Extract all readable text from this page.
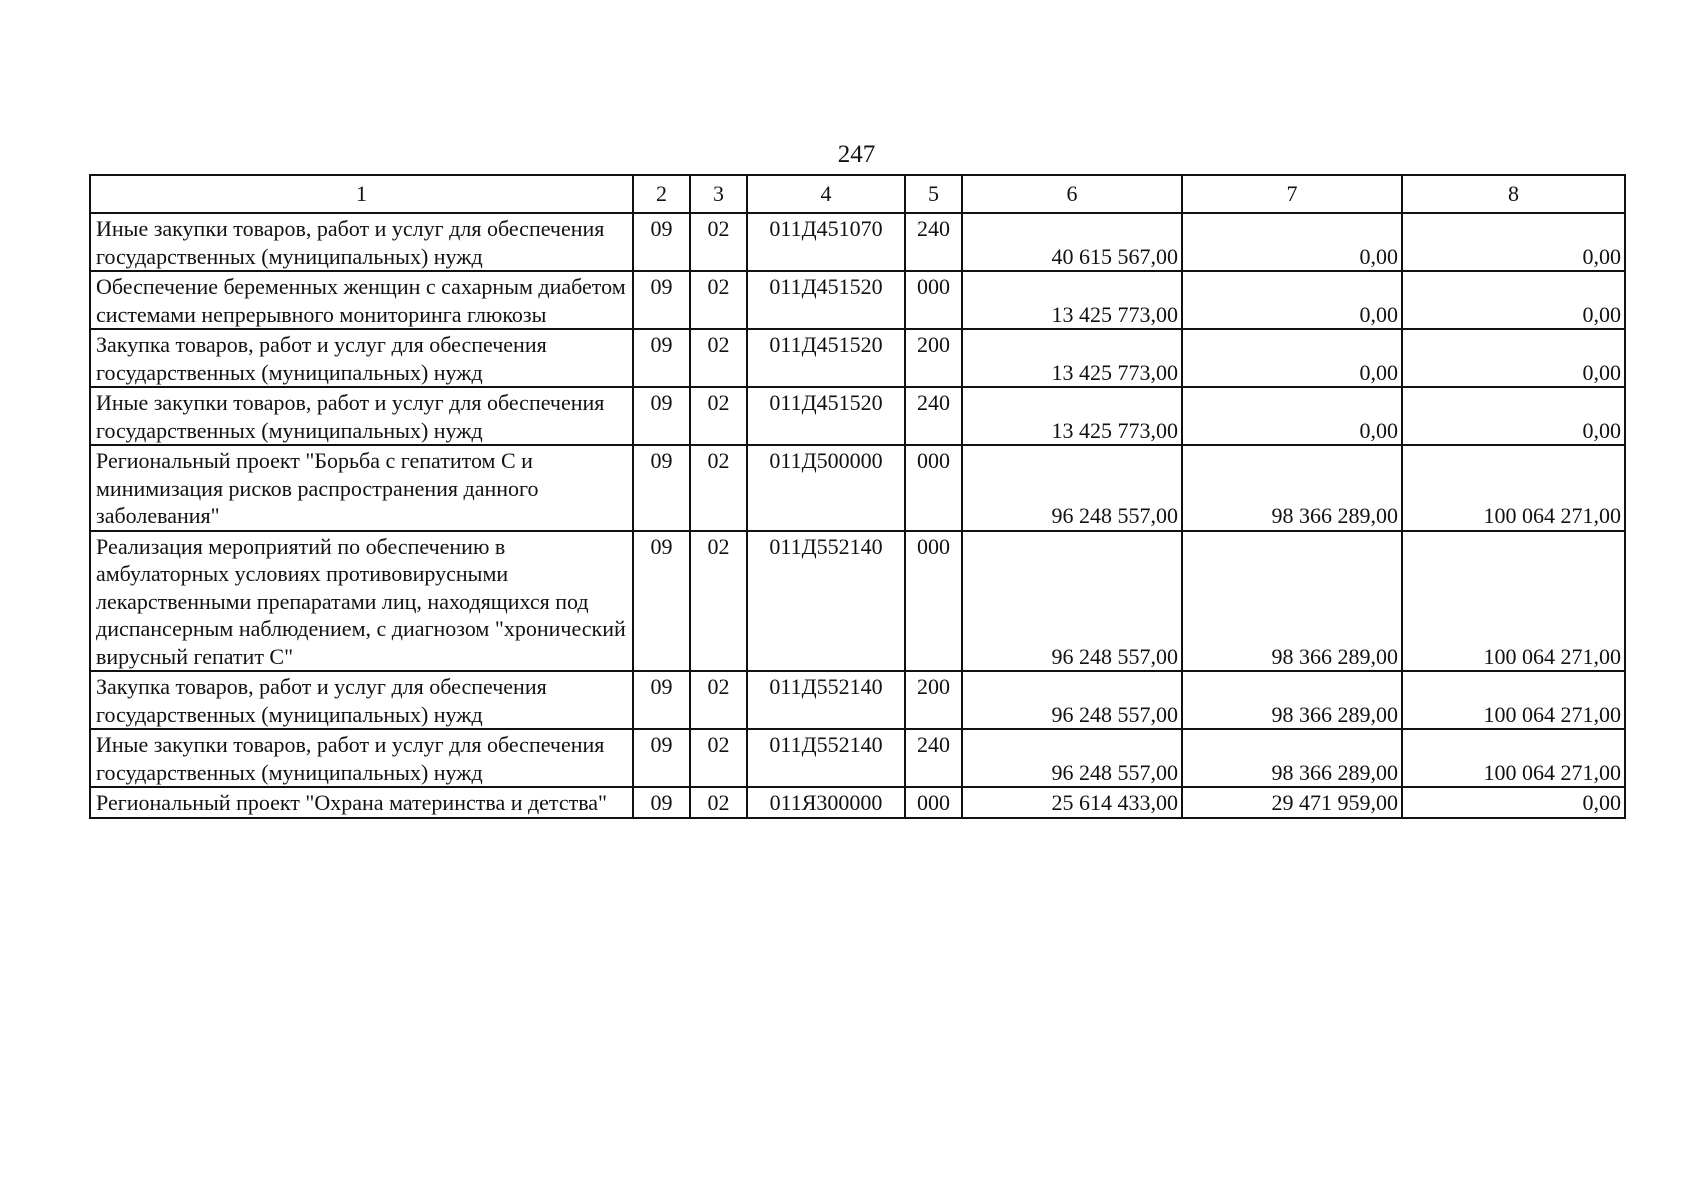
247
1	2	3	4	5	6	7	8
Иные закупки товаров, работ и услуг для обеспечения государственных (муниципальных) нужд	09	02	011Д451070	240	40 615 567,00	0,00	0,00
Обеспечение беременных женщин с сахарным диабетом системами непрерывного мониторинга глюкозы	09	02	011Д451520	000	13 425 773,00	0,00	0,00
Закупка товаров, работ и услуг для обеспечения государственных (муниципальных) нужд	09	02	011Д451520	200	13 425 773,00	0,00	0,00
Иные закупки товаров, работ и услуг для обеспечения государственных (муниципальных) нужд	09	02	011Д451520	240	13 425 773,00	0,00	0,00
Региональный проект "Борьба с гепатитом С и минимизация рисков распространения данного заболевания"	09	02	011Д500000	000	96 248 557,00	98 366 289,00	100 064 271,00
Реализация мероприятий по обеспечению в амбулаторных условиях противовирусными лекарственными препаратами лиц, находящихся под диспансерным наблюдением, с диагнозом "хронический вирусный гепатит С"	09	02	011Д552140	000	96 248 557,00	98 366 289,00	100 064 271,00
Закупка товаров, работ и услуг для обеспечения государственных (муниципальных) нужд	09	02	011Д552140	200	96 248 557,00	98 366 289,00	100 064 271,00
Иные закупки товаров, работ и услуг для обеспечения государственных (муниципальных) нужд	09	02	011Д552140	240	96 248 557,00	98 366 289,00	100 064 271,00
Региональный проект "Охрана материнства и детства"	09	02	011Я300000	000	25 614 433,00	29 471 959,00	0,00
